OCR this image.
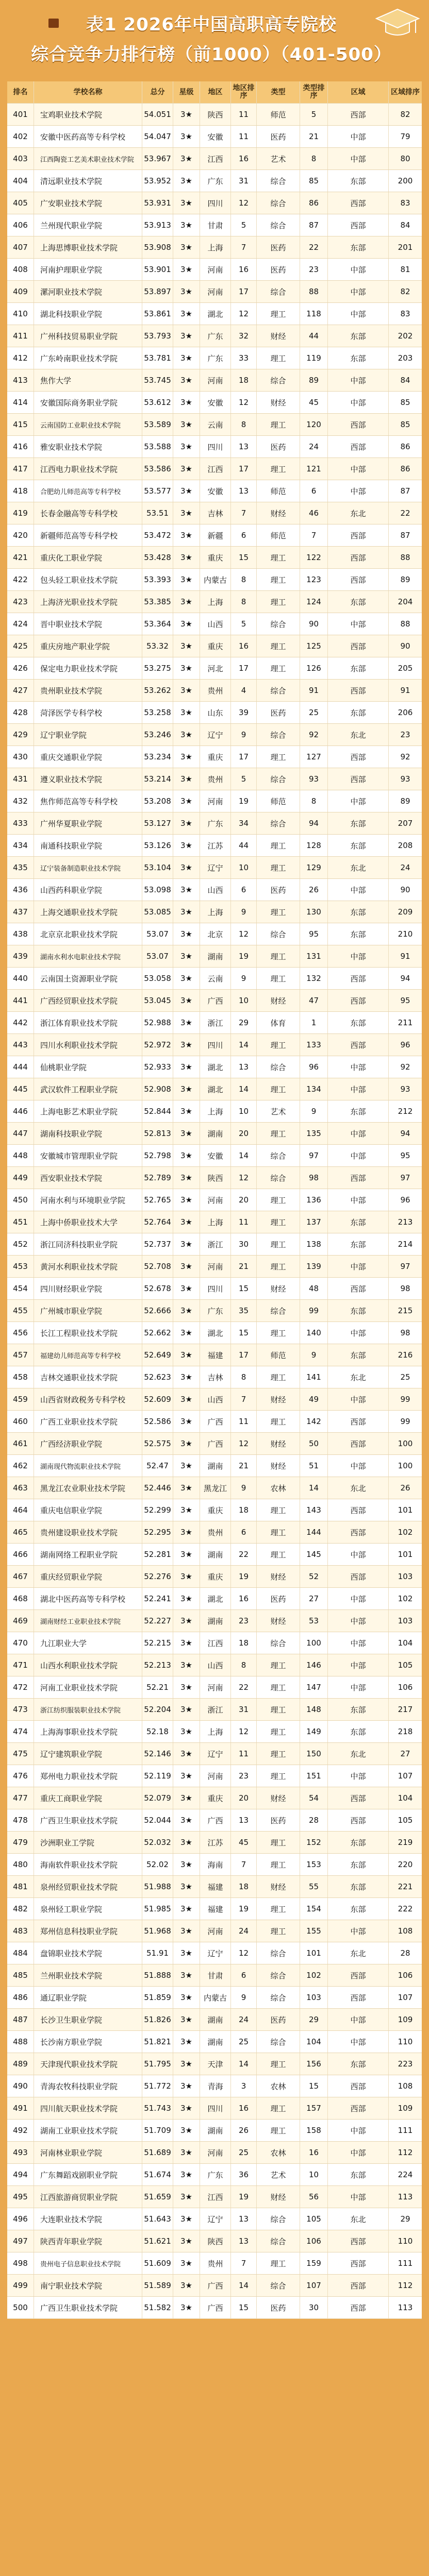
表1 2026年中国高职高专院校
综合竞争力排行榜（前1000）（401-500）
排名	学校名称	总分	星级	地区	地区排序	类型	类型排序	区域	区域排序
401	宝鸡职业技术学院	54.051	3★	陕西	11	师范	5	西部	82
402	安徽中医药高等专科学校	54.047	3★	安徽	11	医药	21	中部	79
403	江西陶瓷工艺美术职业技术学院	53.967	3★	江西	16	艺术	8	中部	80
404	清远职业技术学院	53.952	3★	广东	31	综合	85	东部	200
405	广安职业技术学院	53.931	3★	四川	12	综合	86	西部	83
406	兰州现代职业学院	53.913	3★	甘肃	5	综合	87	西部	84
407	上海思博职业技术学院	53.908	3★	上海	7	医药	22	东部	201
408	河南护理职业学院	53.901	3★	河南	16	医药	23	中部	81
409	漯河职业技术学院	53.897	3★	河南	17	综合	88	中部	82
410	湖北科技职业学院	53.861	3★	湖北	12	理工	118	中部	83
411	广州科技贸易职业学院	53.793	3★	广东	32	财经	44	东部	202
412	广东岭南职业技术学院	53.781	3★	广东	33	理工	119	东部	203
413	焦作大学	53.745	3★	河南	18	综合	89	中部	84
414	安徽国际商务职业学院	53.612	3★	安徽	12	财经	45	中部	85
415	云南国防工业职业技术学院	53.589	3★	云南	8	理工	120	西部	85
416	雅安职业技术学院	53.588	3★	四川	13	医药	24	西部	86
417	江西电力职业技术学院	53.586	3★	江西	17	理工	121	中部	86
418	合肥幼儿师范高等专科学校	53.577	3★	安徽	13	师范	6	中部	87
419	长春金融高等专科学校	53.51	3★	吉林	7	财经	46	东北	22
420	新疆师范高等专科学校	53.472	3★	新疆	6	师范	7	西部	87
421	重庆化工职业学院	53.428	3★	重庆	15	理工	122	西部	88
422	包头轻工职业技术学院	53.393	3★	内蒙古	8	理工	123	西部	89
423	上海济光职业技术学院	53.385	3★	上海	8	理工	124	东部	204
424	晋中职业技术学院	53.364	3★	山西	5	综合	90	中部	88
425	重庆房地产职业学院	53.32	3★	重庆	16	理工	125	西部	90
426	保定电力职业技术学院	53.275	3★	河北	17	理工	126	东部	205
427	贵州职业技术学院	53.262	3★	贵州	4	综合	91	西部	91
428	菏泽医学专科学校	53.258	3★	山东	39	医药	25	东部	206
429	辽宁职业学院	53.246	3★	辽宁	9	综合	92	东北	23
430	重庆交通职业学院	53.234	3★	重庆	17	理工	127	西部	92
431	遵义职业技术学院	53.214	3★	贵州	5	综合	93	西部	93
432	焦作师范高等专科学校	53.208	3★	河南	19	师范	8	中部	89
433	广州华夏职业学院	53.127	3★	广东	34	综合	94	东部	207
434	南通科技职业学院	53.126	3★	江苏	44	理工	128	东部	208
435	辽宁装备制造职业技术学院	53.104	3★	辽宁	10	理工	129	东北	24
436	山西药科职业学院	53.098	3★	山西	6	医药	26	中部	90
437	上海交通职业技术学院	53.085	3★	上海	9	理工	130	东部	209
438	北京京北职业技术学院	53.07	3★	北京	12	综合	95	东部	210
439	湖南水利水电职业技术学院	53.07	3★	湖南	19	理工	131	中部	91
440	云南国土资源职业学院	53.058	3★	云南	9	理工	132	西部	94
441	广西经贸职业技术学院	53.045	3★	广西	10	财经	47	西部	95
442	浙江体育职业技术学院	52.988	3★	浙江	29	体育	1	东部	211
443	四川水利职业技术学院	52.972	3★	四川	14	理工	133	西部	96
444	仙桃职业学院	52.933	3★	湖北	13	综合	96	中部	92
445	武汉软件工程职业学院	52.908	3★	湖北	14	理工	134	中部	93
446	上海电影艺术职业学院	52.844	3★	上海	10	艺术	9	东部	212
447	湖南科技职业学院	52.813	3★	湖南	20	理工	135	中部	94
448	安徽城市管理职业学院	52.798	3★	安徽	14	综合	97	中部	95
449	西安职业技术学院	52.789	3★	陕西	12	综合	98	西部	97
450	河南水利与环境职业学院	52.765	3★	河南	20	理工	136	中部	96
451	上海中侨职业技术大学	52.764	3★	上海	11	理工	137	东部	213
452	浙江同济科技职业学院	52.737	3★	浙江	30	理工	138	东部	214
453	黄河水利职业技术学院	52.708	3★	河南	21	理工	139	中部	97
454	四川财经职业学院	52.678	3★	四川	15	财经	48	西部	98
455	广州城市职业学院	52.666	3★	广东	35	综合	99	东部	215
456	长江工程职业技术学院	52.662	3★	湖北	15	理工	140	中部	98
457	福建幼儿师范高等专科学校	52.649	3★	福建	17	师范	9	东部	216
458	吉林交通职业技术学院	52.623	3★	吉林	8	理工	141	东北	25
459	山西省财政税务专科学校	52.609	3★	山西	7	财经	49	中部	99
460	广西工业职业技术学院	52.586	3★	广西	11	理工	142	西部	99
461	广西经济职业学院	52.575	3★	广西	12	财经	50	西部	100
462	湖南现代物流职业技术学院	52.47	3★	湖南	21	财经	51	中部	100
463	黑龙江农业职业技术学院	52.446	3★	黑龙江	9	农林	14	东北	26
464	重庆电信职业学院	52.299	3★	重庆	18	理工	143	西部	101
465	贵州建设职业技术学院	52.295	3★	贵州	6	理工	144	西部	102
466	湖南网络工程职业学院	52.281	3★	湖南	22	理工	145	中部	101
467	重庆经贸职业学院	52.276	3★	重庆	19	财经	52	西部	103
468	湖北中医药高等专科学校	52.241	3★	湖北	16	医药	27	中部	102
469	湖南财经工业职业技术学院	52.227	3★	湖南	23	财经	53	中部	103
470	九江职业大学	52.215	3★	江西	18	综合	100	中部	104
471	山西水利职业技术学院	52.213	3★	山西	8	理工	146	中部	105
472	河南工业职业技术学院	52.21	3★	河南	22	理工	147	中部	106
473	浙江纺织服装职业技术学院	52.204	3★	浙江	31	理工	148	东部	217
474	上海海事职业技术学院	52.18	3★	上海	12	理工	149	东部	218
475	辽宁建筑职业学院	52.146	3★	辽宁	11	理工	150	东北	27
476	郑州电力职业技术学院	52.119	3★	河南	23	理工	151	中部	107
477	重庆工商职业学院	52.079	3★	重庆	20	财经	54	西部	104
478	广西卫生职业技术学院	52.044	3★	广西	13	医药	28	西部	105
479	沙洲职业工学院	52.032	3★	江苏	45	理工	152	东部	219
480	海南软件职业技术学院	52.02	3★	海南	7	理工	153	东部	220
481	泉州经贸职业技术学院	51.988	3★	福建	18	财经	55	东部	221
482	泉州轻工职业学院	51.985	3★	福建	19	理工	154	东部	222
483	郑州信息科技职业学院	51.968	3★	河南	24	理工	155	中部	108
484	盘锦职业技术学院	51.91	3★	辽宁	12	综合	101	东北	28
485	兰州职业技术学院	51.888	3★	甘肃	6	综合	102	西部	106
486	通辽职业学院	51.859	3★	内蒙古	9	综合	103	西部	107
487	长沙卫生职业学院	51.826	3★	湖南	24	医药	29	中部	109
488	长沙南方职业学院	51.821	3★	湖南	25	综合	104	中部	110
489	天津现代职业技术学院	51.795	3★	天津	14	理工	156	东部	223
490	青海农牧科技职业学院	51.772	3★	青海	3	农林	15	西部	108
491	四川航天职业技术学院	51.743	3★	四川	16	理工	157	西部	109
492	湖南工业职业技术学院	51.709	3★	湖南	26	理工	158	中部	111
493	河南林业职业学院	51.689	3★	河南	25	农林	16	中部	112
494	广东舞蹈戏剧职业学院	51.674	3★	广东	36	艺术	10	东部	224
495	江西旅游商贸职业学院	51.659	3★	江西	19	财经	56	中部	113
496	大连职业技术学院	51.643	3★	辽宁	13	综合	105	东北	29
497	陕西青年职业学院	51.621	3★	陕西	13	综合	106	西部	110
498	贵州电子信息职业技术学院	51.609	3★	贵州	7	理工	159	西部	111
499	南宁职业技术学院	51.589	3★	广西	14	综合	107	西部	112
500	广西卫生职业技术学院	51.582	3★	广西	15	医药	30	西部	113
